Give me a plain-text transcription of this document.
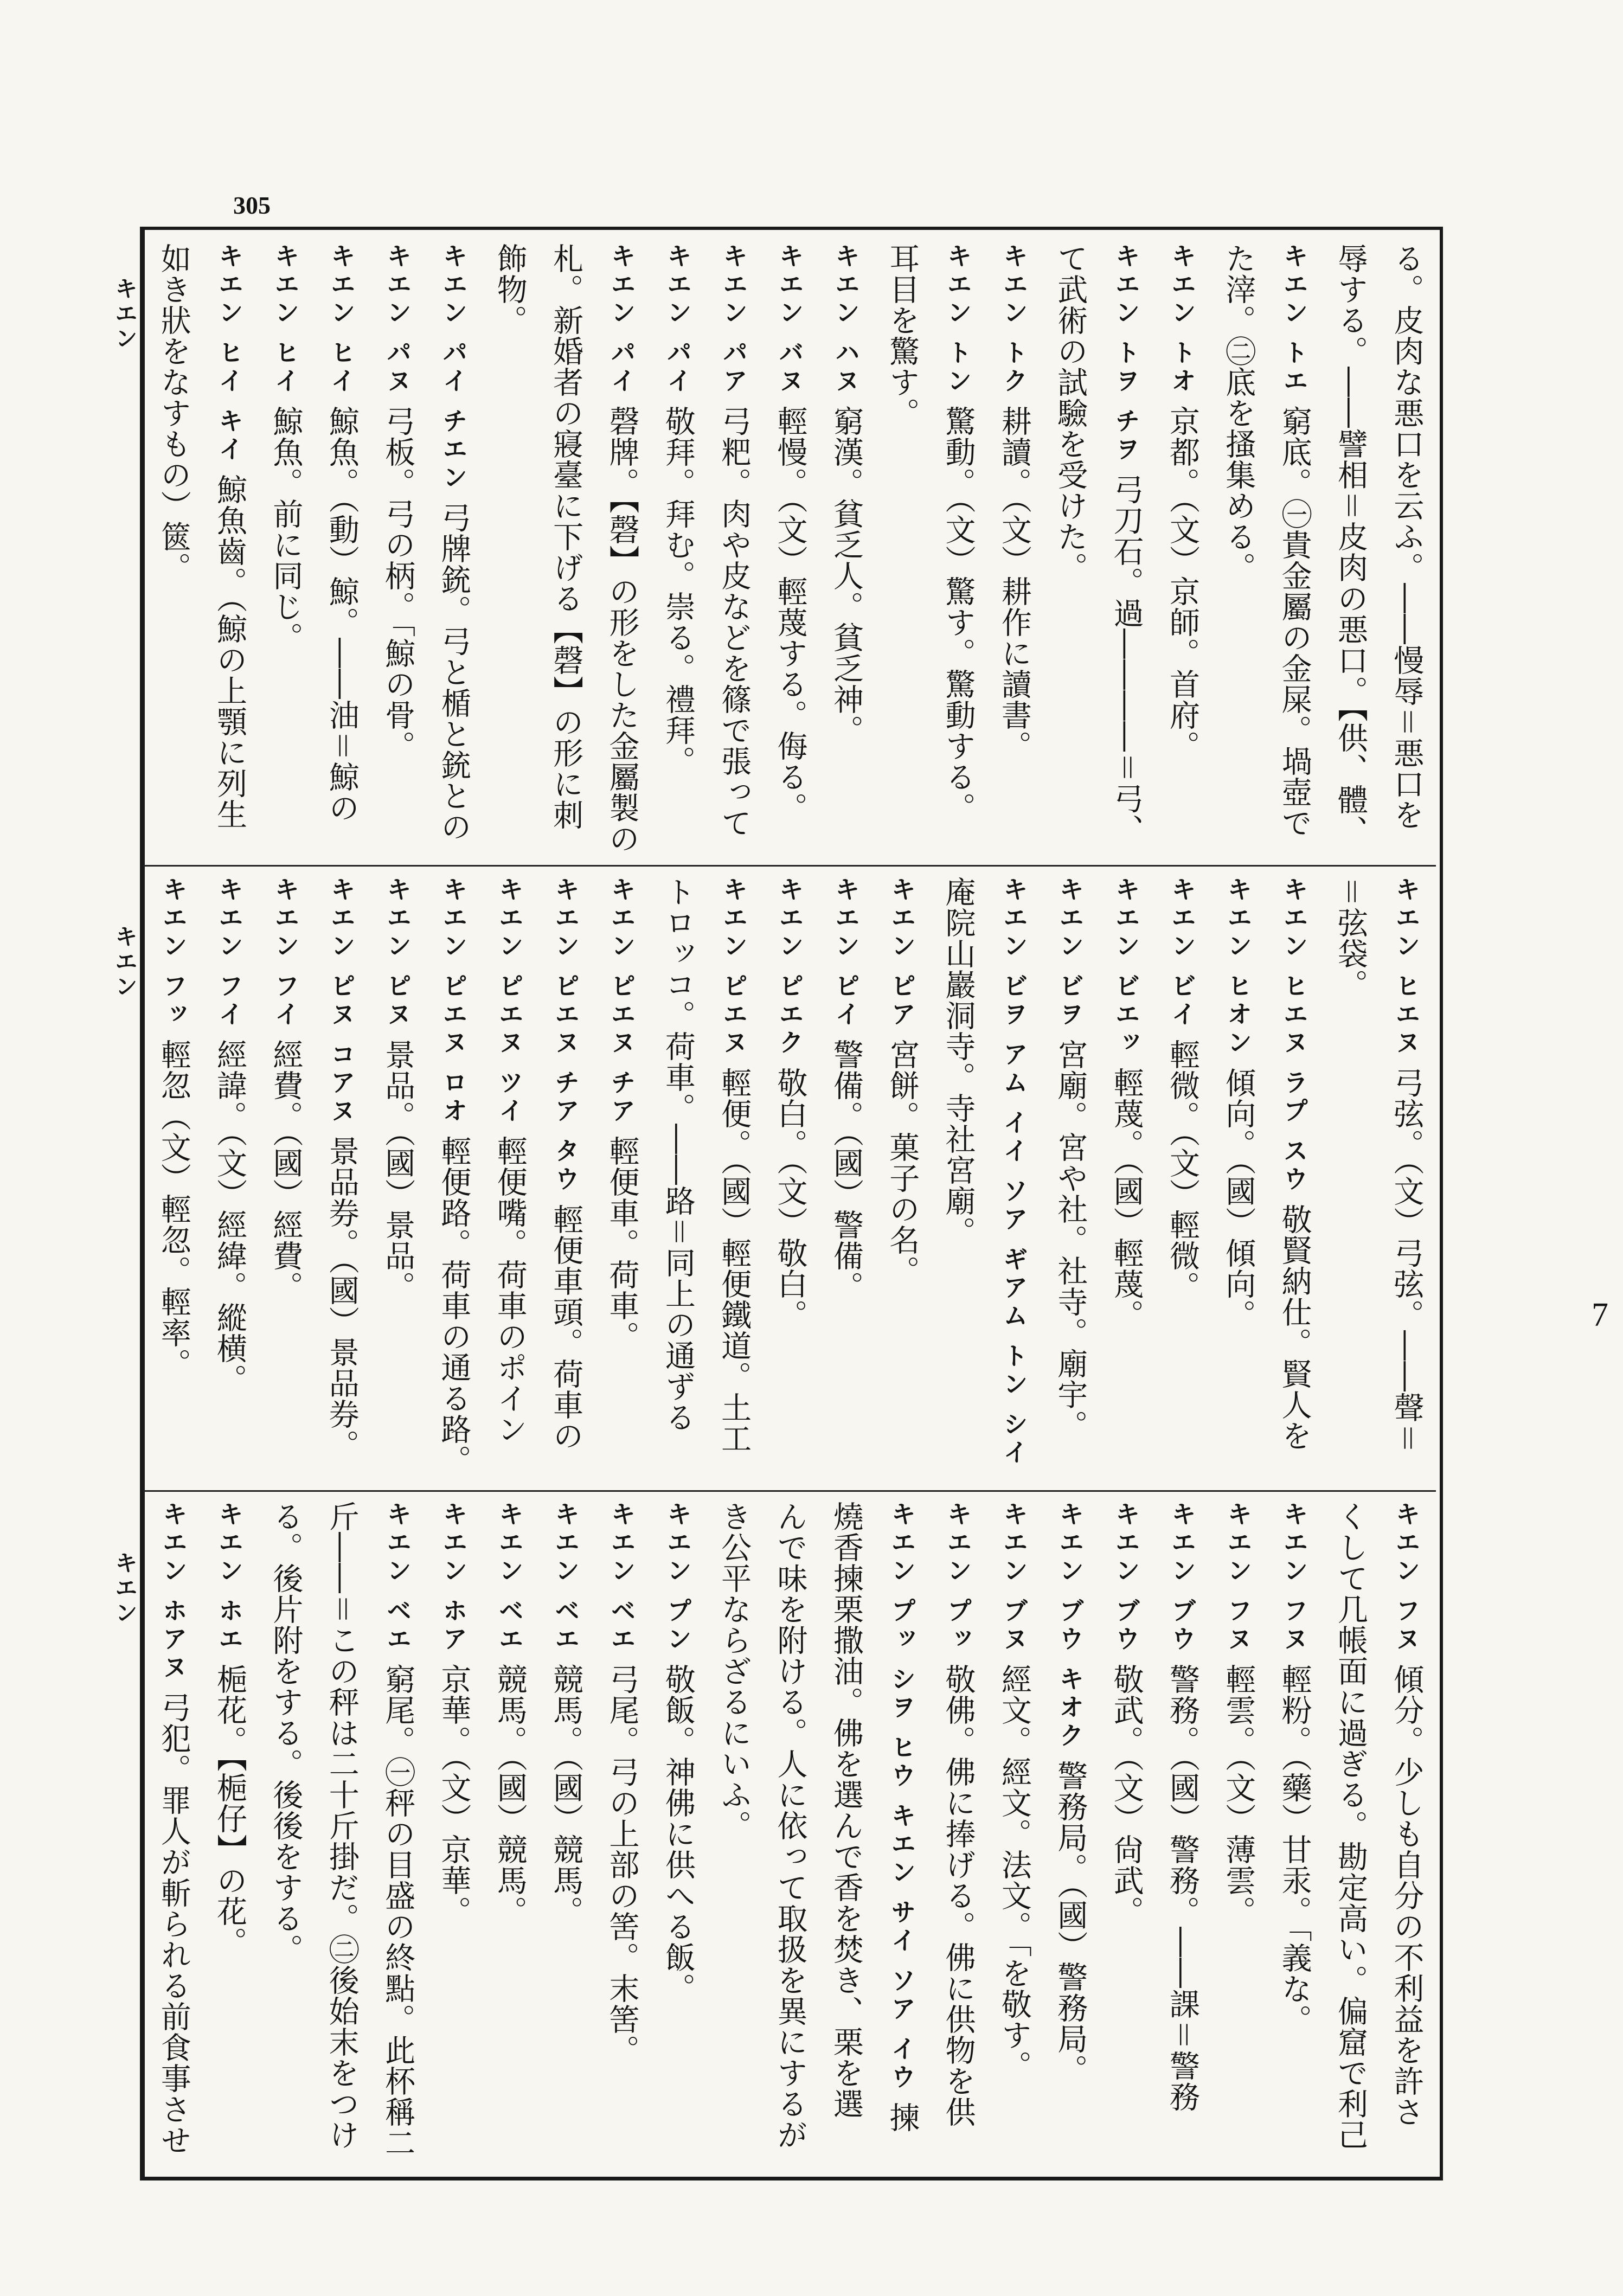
305
キエン
キエン
キエン
7
る。皮肉な悪口を云ふ。――慢辱＝悪口を
辱する。――譬相＝皮肉の悪口。【供、體、
キエン トエ窮底。㊀貴金屬の金屎。堝壺で
た滓。㊁底を搔集める。
キエン トオ京都。（文）京師。首府。
キエン トヲ チヲ弓刀石。過――――＝弓、
て武術の試驗を受けた。
キエン トク耕讀。（文）耕作に讀書。
キエン トン驚動。（文）驚す。驚動する。
耳目を驚す。
キエン ハヌ窮漢。貧乏人。貧乏神。
キエン バヌ輕慢。（文）輕蔑する。侮る。
キエン パア弓粑。肉や皮などを篠で張って
キエン パイ敬拜。拜む。崇る。禮拜。
キエン パイ磬牌。【磬】の形をした金屬製の
札。新婚者の寢臺に下げる【磬】の形に刺
飾物。
キエン パイ チエン弓牌銃。弓と楯と銃との
キエン パヌ弓板。弓の柄。「鯨の骨。
キエン ヒイ鯨魚。（動）鯨。――油＝鯨の
キエン ヒイ鯨魚。前に同じ。
キエン ヒイ キイ鯨魚齒。（鯨の上顎に列生
如き狀をなすもの）篋。
キエン ヒエヌ弓弦。（文）弓弦。――聲＝
＝弦袋。
キエン ヒエヌ ラプ スウ敬賢納仕。賢人を
キエン ヒオン傾向。（國）傾向。
キエン ビイ輕微。（文）輕微。
キエン ビエッ輕蔑。（國）輕蔑。
キエン ビヲ宮廟。宮や社。社寺。廟宇。
キエン ビヲ アム イイ ソア ギアム トン シイ
庵院山巖洞寺。寺社宮廟。
キエン ピア宮餅。菓子の名。
キエン ピイ警備。（國）警備。
キエン ピエク敬白。（文）敬白。
キエン ピエヌ輕便。（國）輕便鐵道。土工
トロッコ。荷車。――路＝同上の通ずる
キエン ピエヌ チア輕便車。荷車。
キエン ピエヌ チア タウ輕便車頭。荷車の
キエン ピエヌ ツイ輕便嘴。荷車のポイン
キエン ピエヌ ロオ輕便路。荷車の通る路。
キエン ピヌ景品。（國）景品。
キエン ピヌ コアヌ景品券。（國）景品券。
キエン フイ經費。（國）經費。
キエン フイ經諱。（文）經緯。縱横。
キエン フッ輕忽（文）輕忽。輕率。
キエン フヌ傾分。少しも自分の不利益を許さ
くして几帳面に過ぎる。勘定高い。偏窟で利己
キエン フヌ輕粉。（藥）甘汞。「義な。
キエン フヌ輕雲。（文）薄雲。
キエン ブウ警務。（國）警務。――課＝警務
キエン ブウ敬武。（文）尙武。
キエン ブウ キオク警務局。（國）警務局。
キエン ブヌ經文。經文。法文。「を敬す。
キエン プッ敬佛。佛に捧げる。佛に供物を供
キエン プッ シヲ ヒウ キエン サイ ソア イウ揀
燒香揀栗撒油。佛を選んで香を焚き、栗を選
んで味を附ける。人に依って取扱を異にするが
き公平ならざるにいふ。
キエン プン敬飯。神佛に供へる飯。
キエン ベエ弓尾。弓の上部の筈。末筈。
キエン ベエ競馬。（國）競馬。
キエン ベエ競馬。（國）競馬。
キエン ホア京華。（文）京華。
キエン ベエ窮尾。㊀秤の目盛の終點。此杯稱二
斤――＝この秤は二十斤掛だ。㊁後始末をつけ
る。後片附をする。後後をする。
キエン ホエ梔花。【梔仔】の花。
キエン ホアヌ弓犯。罪人が斬られる前食事させ
